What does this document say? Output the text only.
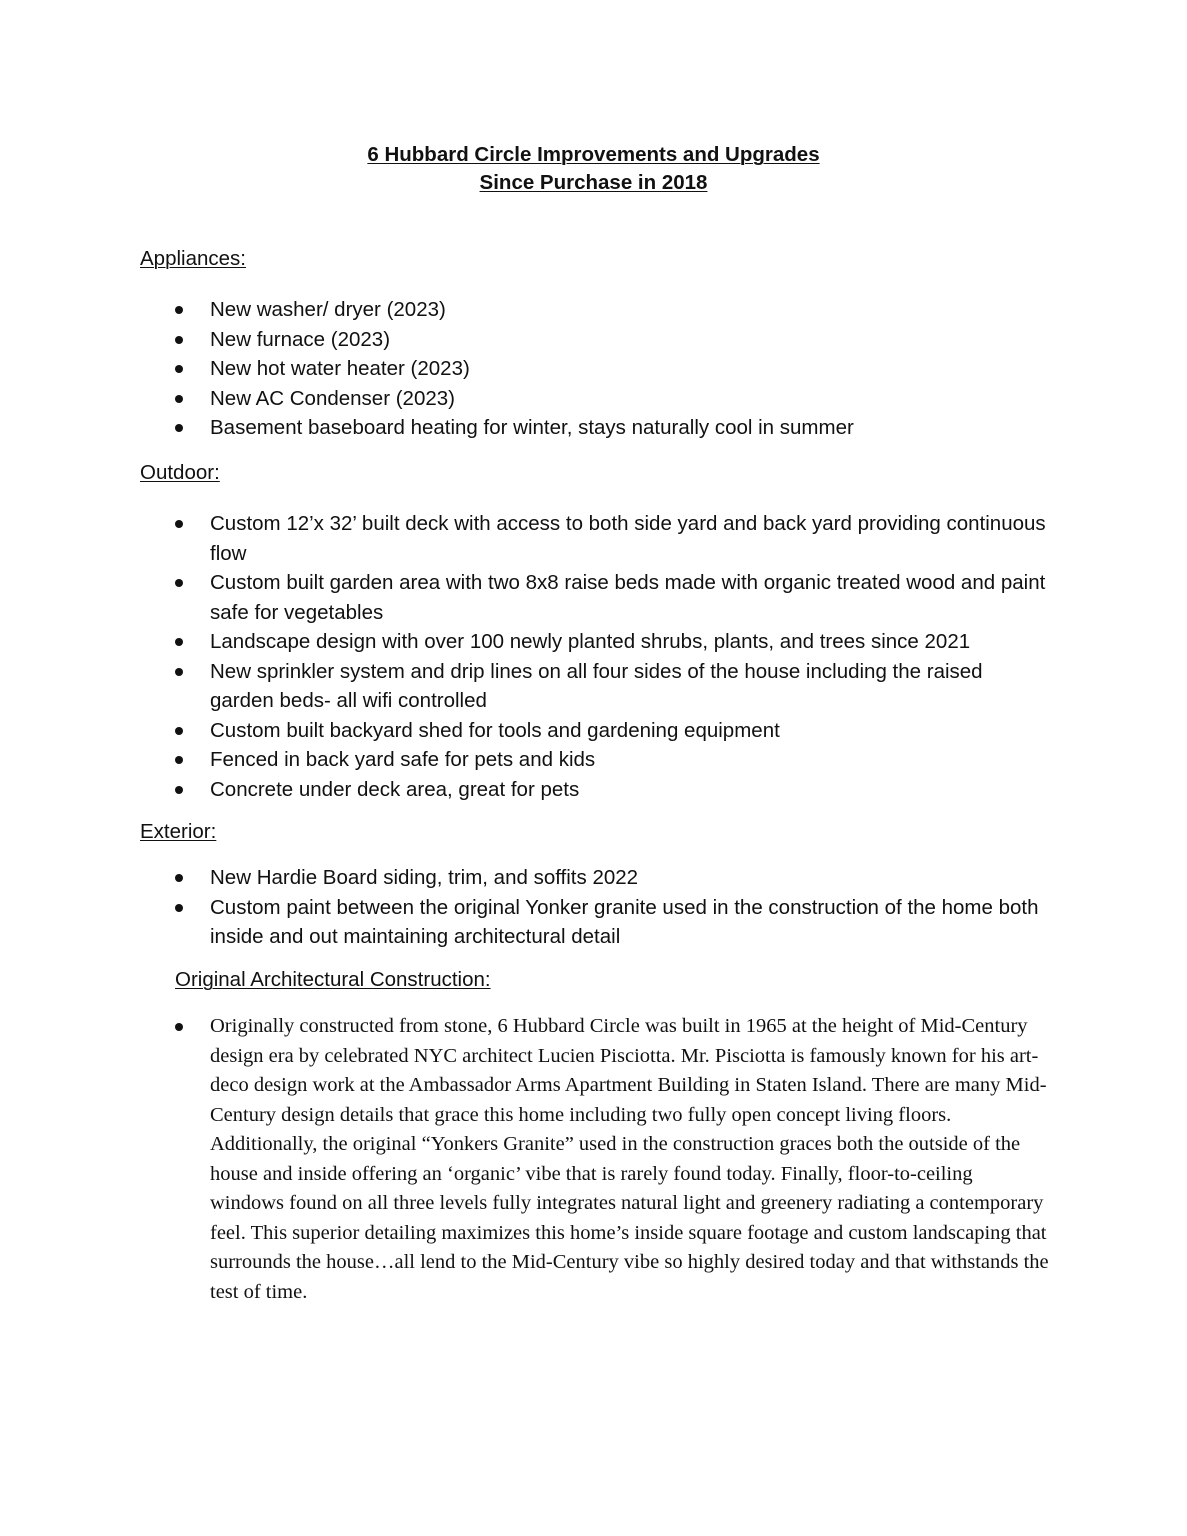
6 Hubbard Circle Improvements and Upgrades
Since Purchase in 2018
Appliances:
New washer/ dryer (2023)
New furnace (2023)
New hot water heater (2023)
New AC Condenser (2023)
Basement baseboard heating for winter, stays naturally cool in summer
Outdoor:
Custom 12’x 32’ built deck with access to both side yard and back yard providing continuous flow
Custom built garden area with two 8x8 raise beds made with organic treated wood and paint safe for vegetables
Landscape design with over 100 newly planted shrubs, plants, and trees since 2021
New sprinkler system and drip lines on all four sides of the house including the raised garden beds- all wifi controlled
Custom built backyard shed for tools and gardening equipment
Fenced in back yard safe for pets and kids
Concrete under deck area, great for pets
Exterior:
New Hardie Board siding, trim, and soffits 2022
Custom paint between the original Yonker granite used in the construction of the home both inside and out maintaining architectural detail
Original Architectural Construction:
Originally constructed from stone, 6 Hubbard Circle was built in 1965 at the height of Mid-Century design era by celebrated NYC architect Lucien Pisciotta. Mr. Pisciotta is famously known for his art-deco design work at the Ambassador Arms Apartment Building in Staten Island. There are many Mid-Century design details that grace this home including two fully open concept living floors. Additionally, the original “Yonkers Granite” used in the construction graces both the outside of the house and inside offering an ‘organic’ vibe that is rarely found today. Finally, floor-to-ceiling windows found on all three levels fully integrates natural light and greenery radiating a contemporary feel. This superior detailing maximizes this home’s inside square footage and custom landscaping that surrounds the house…all lend to the Mid-Century vibe so highly desired today and that withstands the test of time.
